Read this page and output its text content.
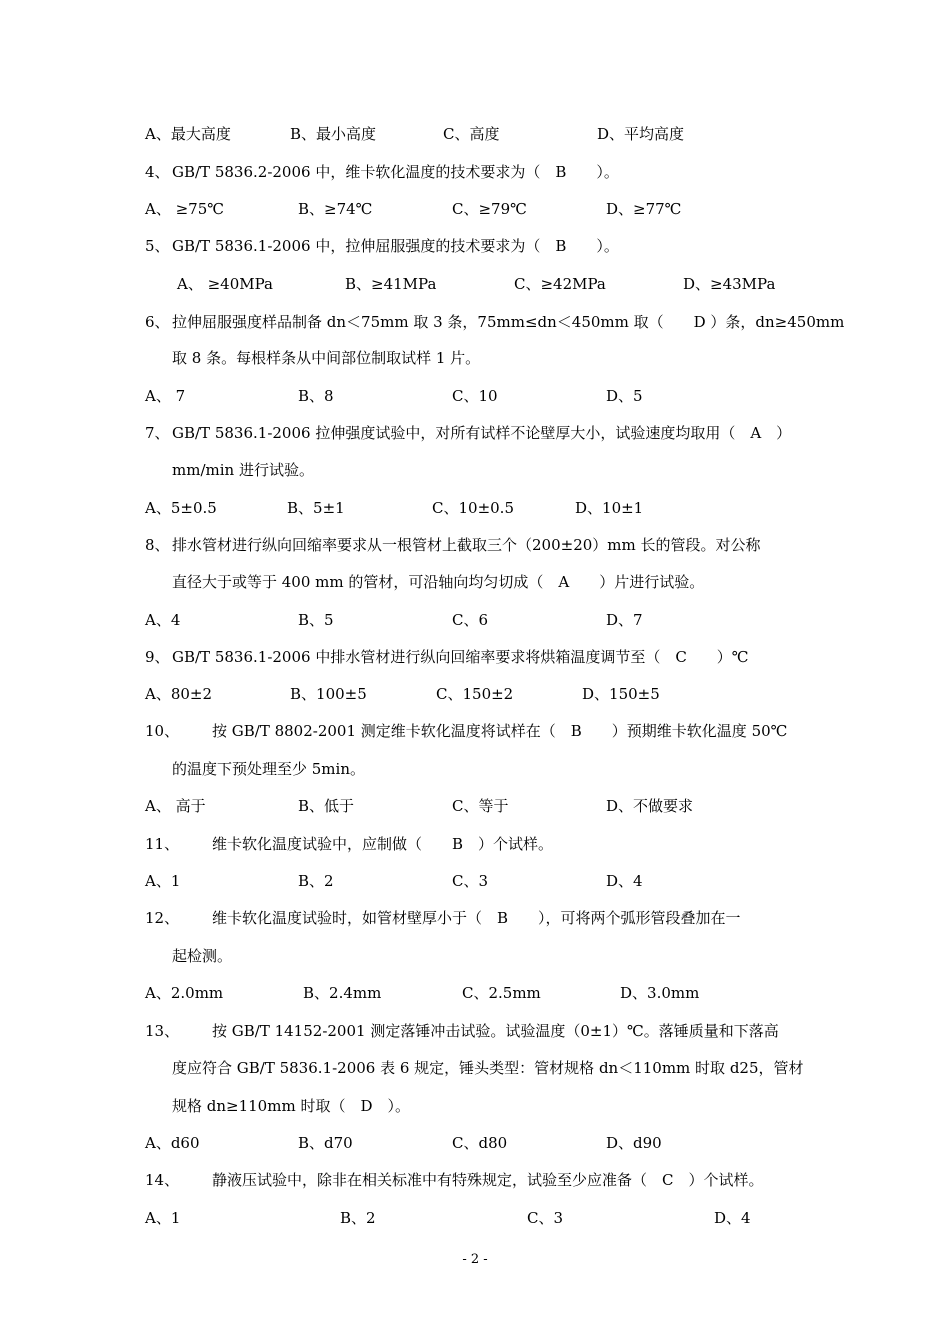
A、最大高度	B、最小高度	C、高度	D、平均高度
4、 GB/T 5836.2-2006 中，维卡软化温度的技术要求为（　B　　）。
A、 ≥75℃	B、≥74℃	C、≥79℃	D、≥77℃
5、 GB/T 5836.1-2006 中，拉伸屈服强度的技术要求为（　B　　）。
A、 ≥40MPa	B、≥41MPa	C、≥42MPa	D、≥43MPa
6、 拉伸屈服强度样品制备 dn＜75mm 取 3 条，75mm≤dn＜450mm 取（　　D ）条，dn≥450mm
取 8 条。每根样条从中间部位制取试样 1 片。
A、 7	B、8	C、10	D、5
7、 GB/T 5836.1-2006 拉伸强度试验中，对所有试样不论壁厚大小，试验速度均取用（　A　）
mm/min 进行试验。
A、5±0.5	B、5±1	C、10±0.5	D、10±1
8、 排水管材进行纵向回缩率要求从一根管材上截取三个（200±20）mm 长的管段。对公称
直径大于或等于 400 mm 的管材，可沿轴向均匀切成（　A　　）片进行试验。
A、4	B、5	C、6	D、7
9、 GB/T 5836.1-2006 中排水管材进行纵向回缩率要求将烘箱温度调节至（　C　　）℃
A、80±2	B、100±5	C、150±2	D、150±5
10、 按 GB/T 8802-2001 测定维卡软化温度将试样在（　B　　）预期维卡软化温度 50℃
的温度下预处理至少 5min。
A、 高于	B、低于	C、等于	D、不做要求
11、 维卡软化温度试验中，应制做（　　B　）个试样。
A、1	B、2	C、3	D、4
12、 维卡软化温度试验时，如管材壁厚小于（　B　　），可将两个弧形管段叠加在一
起检测。
A、2.0mm	B、2.4mm	C、2.5mm	D、3.0mm
13、 按 GB/T 14152-2001 测定落锤冲击试验。试验温度（0±1）℃。落锤质量和下落高
度应符合 GB/T 5836.1-2006 表 6 规定，锤头类型：管材规格 dn＜110mm 时取 d25，管材
规格 dn≥110mm 时取（　D　）。
A、d60	B、d70	C、d80	D、d90
14、 静液压试验中，除非在相关标准中有特殊规定，试验至少应准备（　C　）个试样。
A、1	B、2	C、3	D、4
- 2 -
